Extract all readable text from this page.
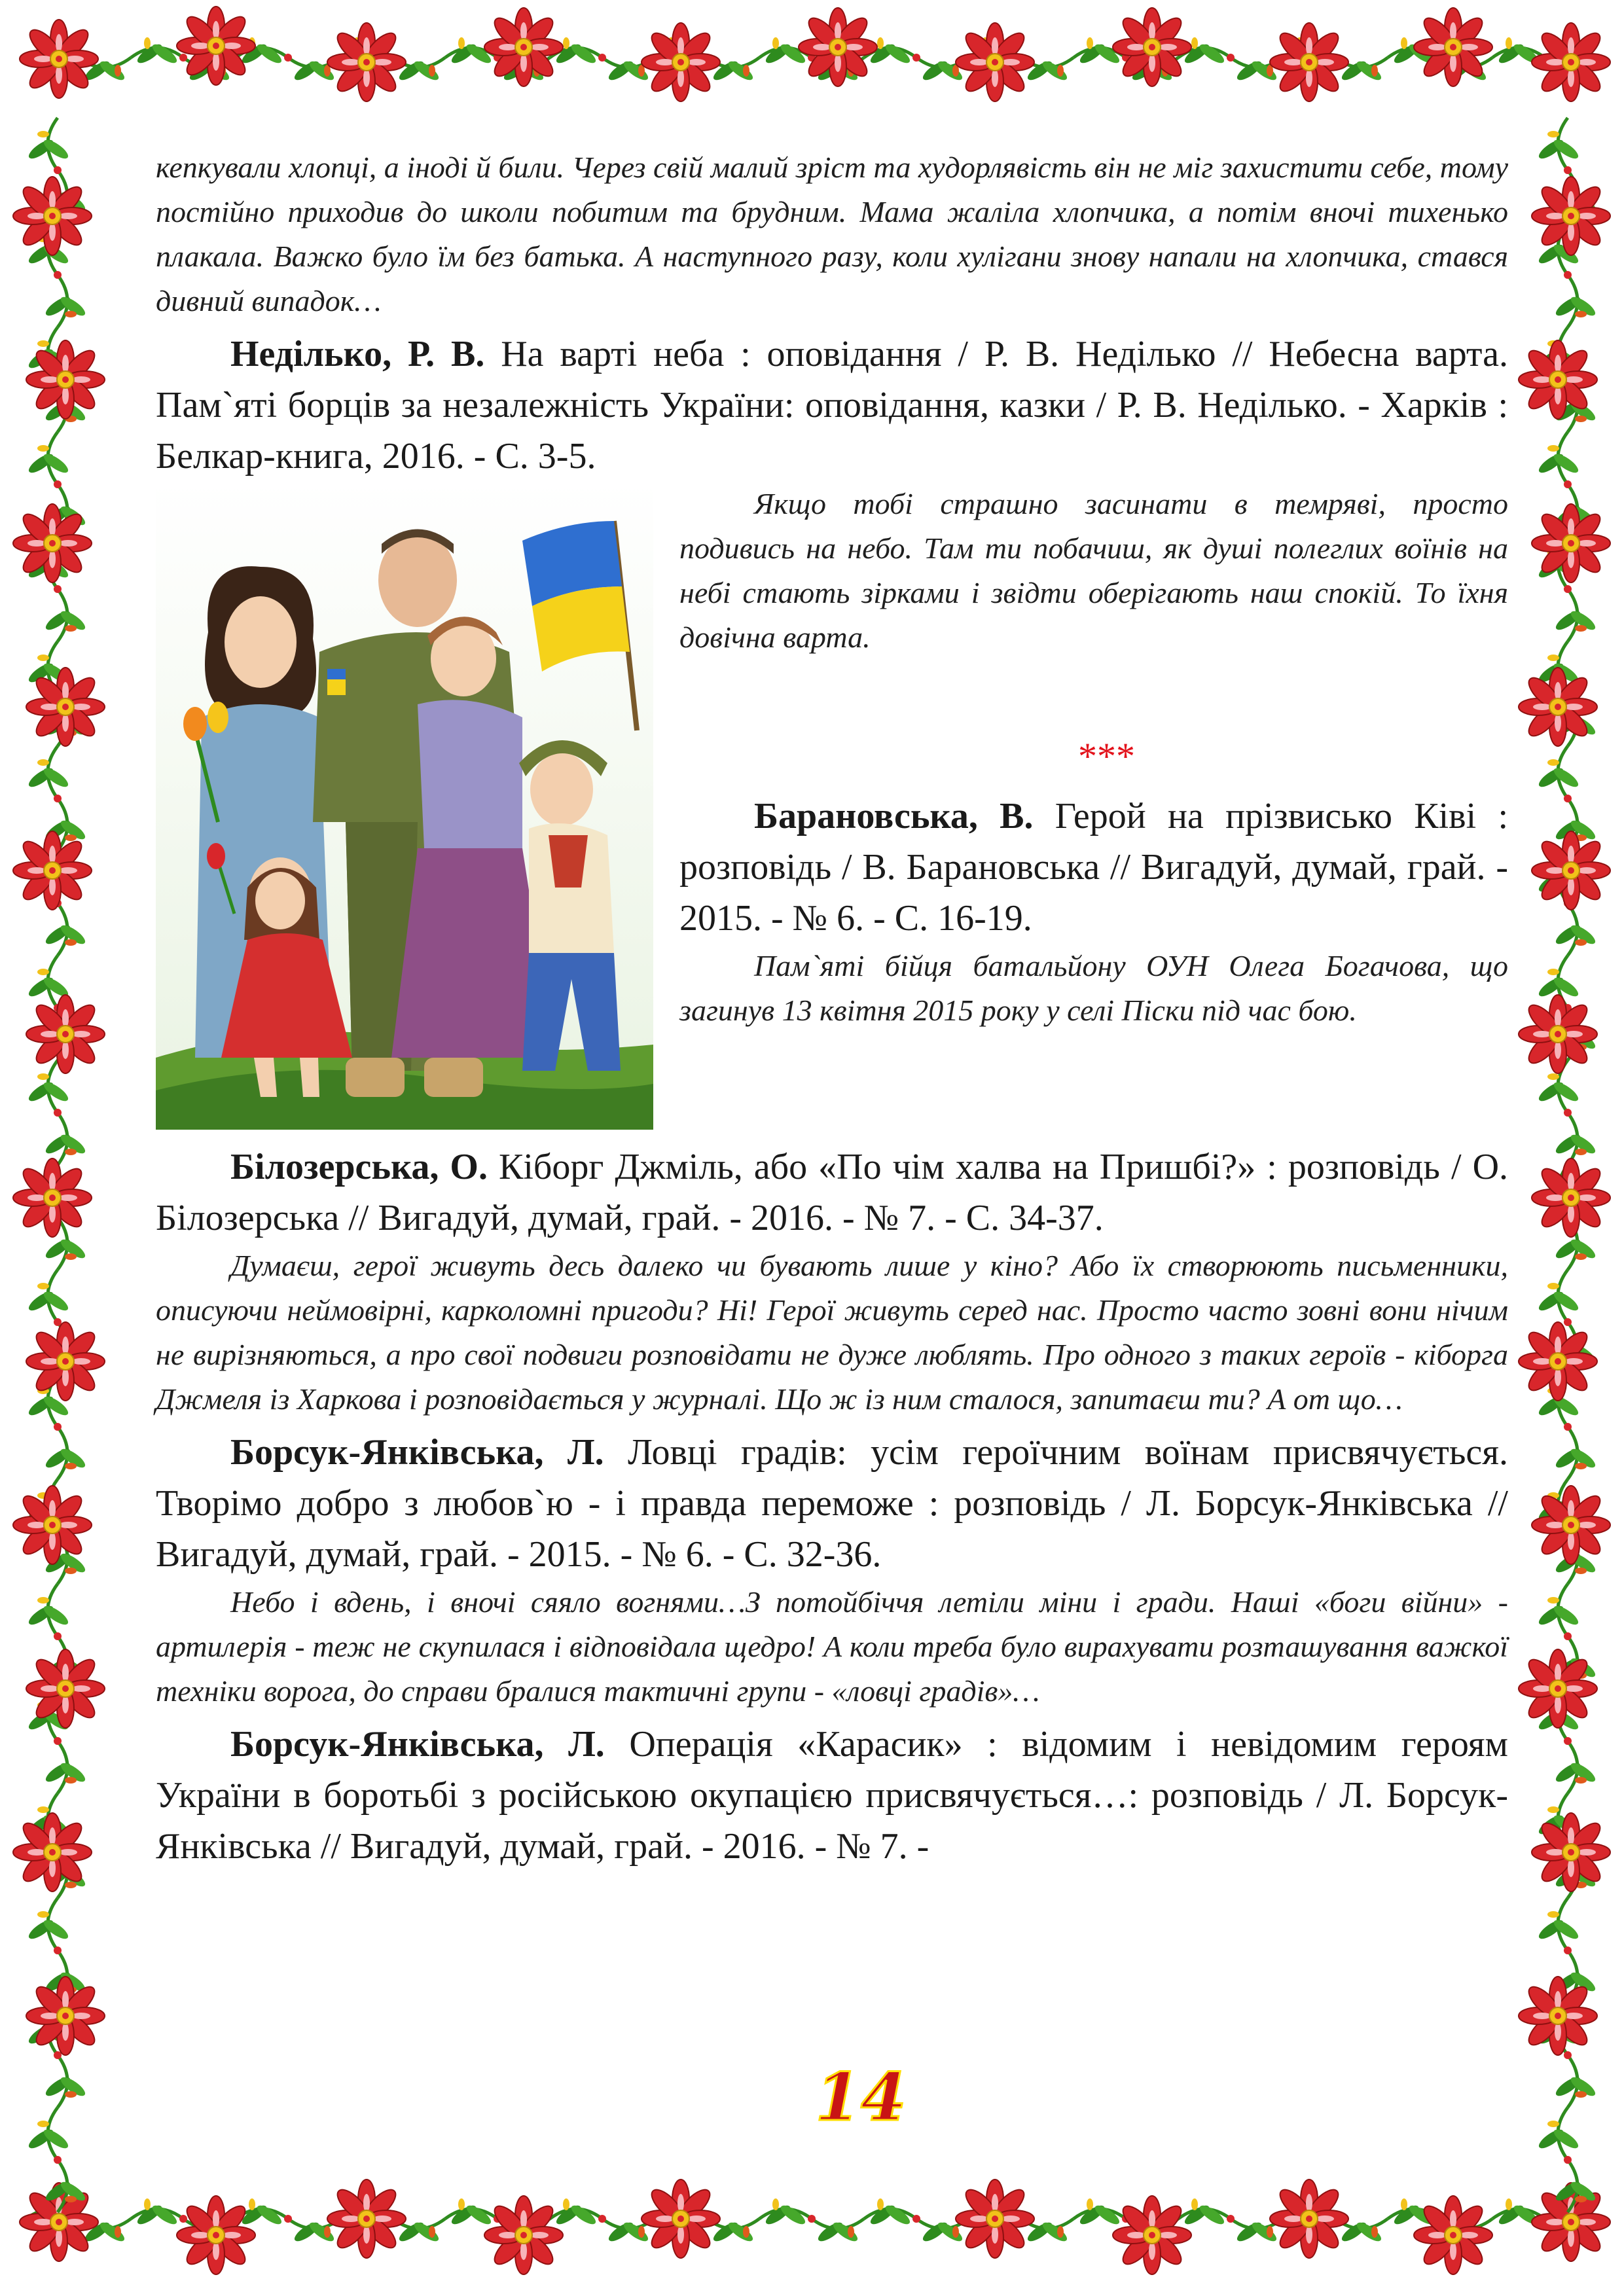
кепкували хлопці, а іноді й били. Через свій малий зріст та худорлявість він не міг захистити себе, тому постійно приходив до школи побитим та брудним. Мама жаліла хлопчика, а потім вночі тихенько плакала. Важко було їм без батька. А наступного разу, коли хулігани знову напали на хлопчика, стався дивний випадок…

Неділько, Р. В. На варті неба : оповідання / Р. В. Неділько // Небесна варта. Пам`яті борців за незалежність України: оповідання, казки / Р. В. Неділько. - Харків : Белкар-книга, 2016. - С. 3-5.

Якщо тобі страшно засинати в темряві, просто подивись на небо. Там ти побачиш, як душі полеглих воїнів на небі стають зірками і звідти оберігають наш спокій. То їхня довічна варта.

***

Барановська, В. Герой на прізвисько Ківі : розповідь / В. Барановська // Вигадуй, думай, грай. - 2015. - № 6. - С. 16-19.

Пам`яті бійця батальйону ОУН Олега Богачова, що загинув 13 квітня 2015 року у селі Піски під час бою.

Білозерська, О. Кіборг Джміль, або «По чім халва на Пришбі?» : розповідь / О. Білозерська // Вигадуй, думай, грай. - 2016. - № 7. - С. 34-37.

Думаєш, герої живуть десь далеко чи бувають лише у кіно? Або їх створюють письменники, описуючи неймовірні, карколомні пригоди? Ні! Герої живуть серед нас. Просто часто зовні вони нічим не вирізняються, а про свої подвиги розповідати не дуже люблять. Про одного з таких героїв - кіборга Джмеля із Харкова і розповідається у журналі. Що ж із ним сталося, запитаєш ти? А от що…

Борсук-Янківська, Л. Ловці градів: усім героїчним воїнам присвячується. Творімо добро з любов`ю - і правда переможе : розповідь / Л. Борсук-Янківська // Вигадуй, думай, грай. - 2015. - № 6. - С. 32-36.

Небо і вдень, і вночі сяяло вогнями…З потойбіччя летіли міни і гради. Наші «боги війни» - артилерія - теж не скупилася і відповідала щедро! А коли треба було вирахувати розташування важкої техніки ворога, до справи бралися тактичні групи - «ловці градів»…

Борсук-Янківська, Л. Операція «Карасик» : відомим і невідомим героям України в боротьбі з російською окупацією присвячується…: розповідь / Л. Борсук-Янківська // Вигадуй, думай, грай. - 2016. - № 7. -

14
